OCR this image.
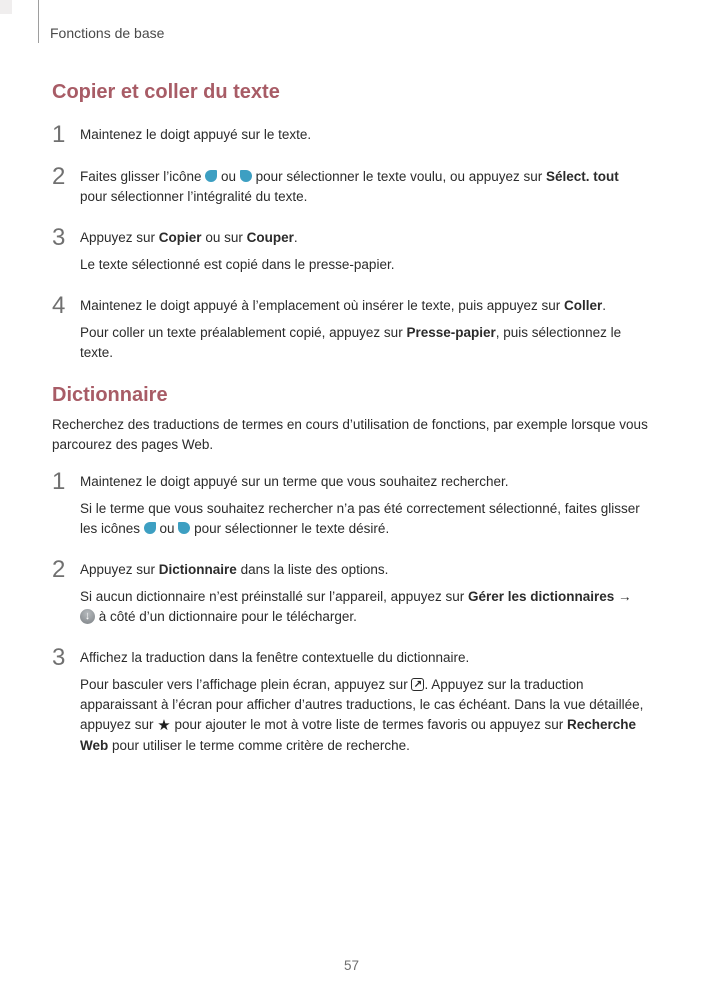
Fonctions de base
Copier et coller du texte
1	Maintenez le doigt appuyé sur le texte.
2	Faites glisser l’icône  ou  pour sélectionner le texte voulu, ou appuyez sur Sélect. tout pour sélectionner l’intégralité du texte.
3	Appuyez sur Copier ou sur Couper.
Le texte sélectionné est copié dans le presse-papier.
4	Maintenez le doigt appuyé à l’emplacement où insérer le texte, puis appuyez sur Coller.
Pour coller un texte préalablement copié, appuyez sur Presse-papier, puis sélectionnez le texte.
Dictionnaire
Recherchez des traductions de termes en cours d’utilisation de fonctions, par exemple lorsque vous parcourez des pages Web.
1	Maintenez le doigt appuyé sur un terme que vous souhaitez rechercher.
Si le terme que vous souhaitez rechercher n’a pas été correctement sélectionné, faites glisser les icônes  ou  pour sélectionner le texte désiré.
2	Appuyez sur Dictionnaire dans la liste des options.
Si aucun dictionnaire n’est préinstallé sur l’appareil, appuyez sur Gérer les dictionnaires → ↓ à côté d’un dictionnaire pour le télécharger.
3	Affichez la traduction dans la fenêtre contextuelle du dictionnaire.
Pour basculer vers l’affichage plein écran, appuyez sur ↗. Appuyez sur la traduction apparaissant à l’écran pour afficher d’autres traductions, le cas échéant. Dans la vue détaillée, appuyez sur ★ pour ajouter le mot à votre liste de termes favoris ou appuyez sur Recherche Web pour utiliser le terme comme critère de recherche.
57
